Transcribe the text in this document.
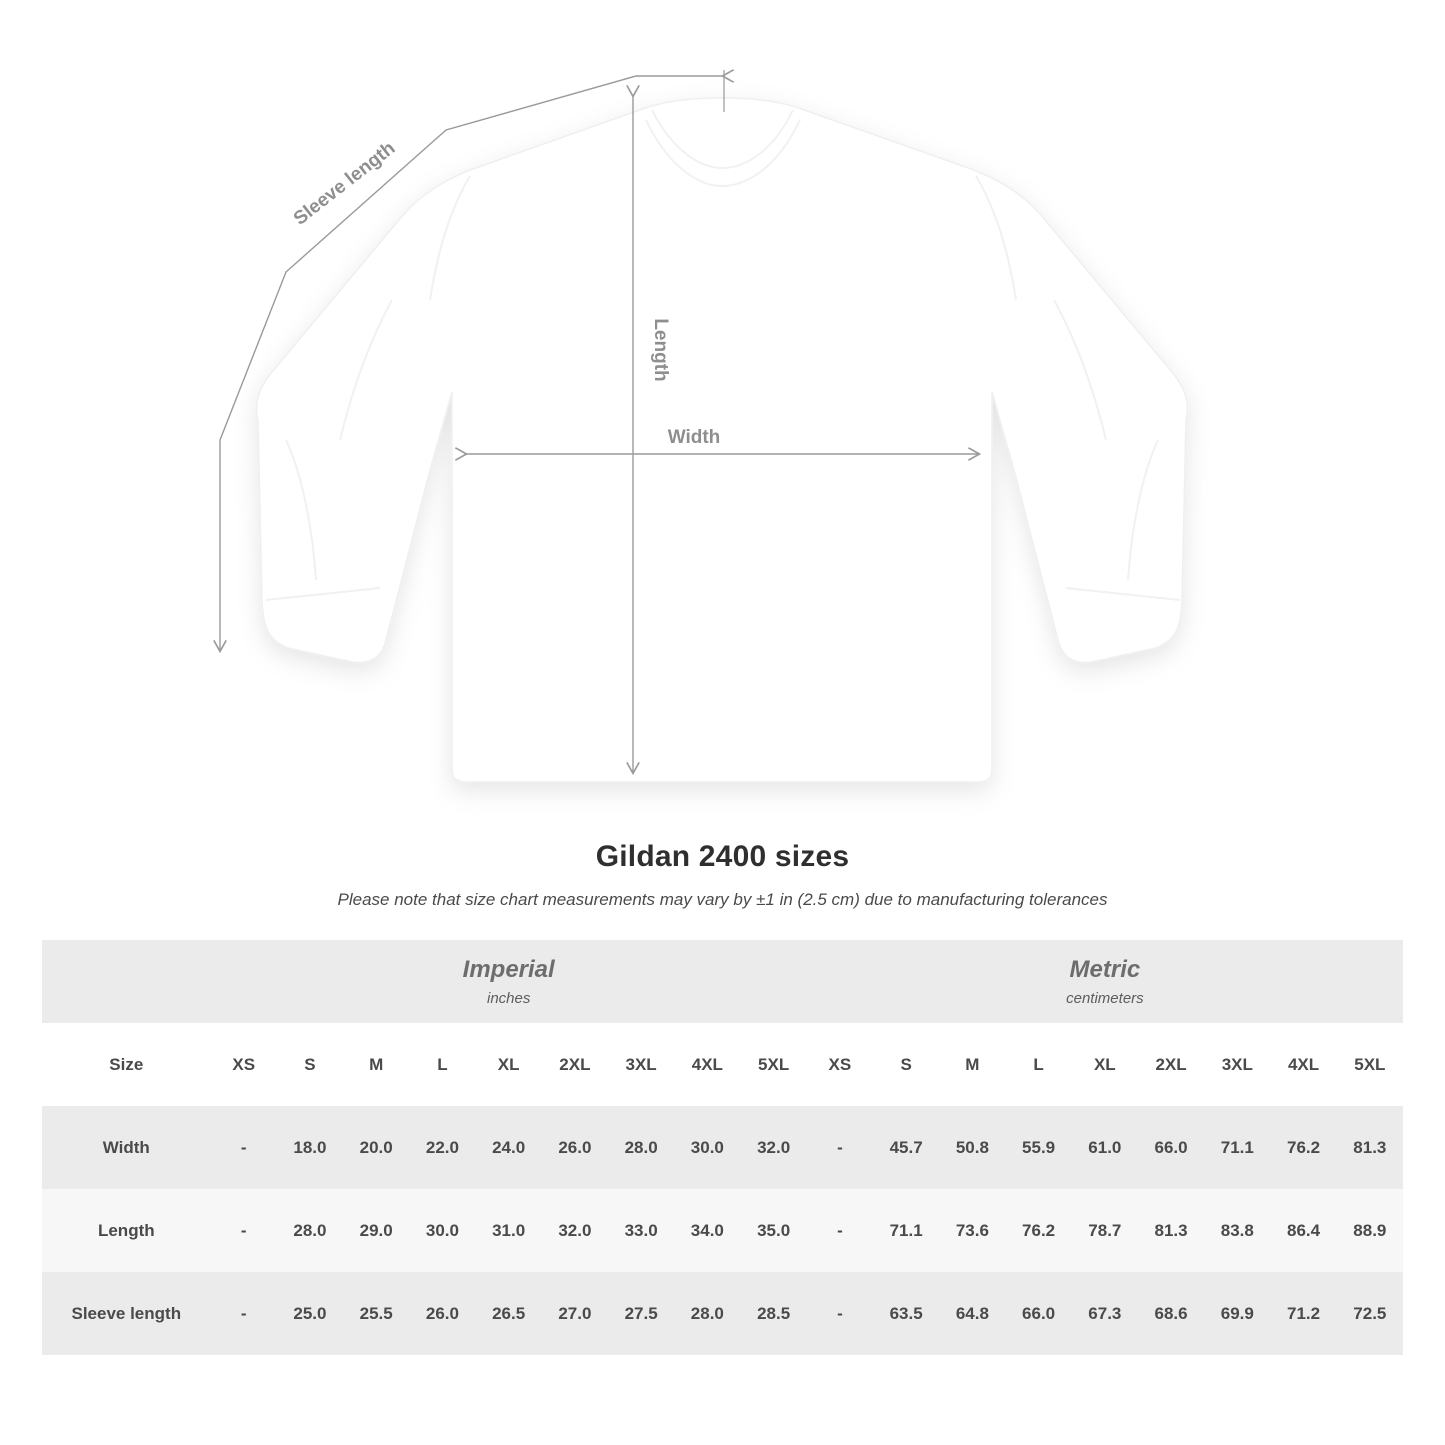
Sleeve length
Length
Width
Gildan 2400 sizes
Please note that size chart measurements may vary by ±1 in (2.5 cm) due to manufacturing tolerances

	Imperial
inches									Metric
centimeters								

Size	XS	S	M	L	XL	2XL	3XL	4XL	5XL	XS	S	M	L	XL	2XL	3XL	4XL	5XL
Width	-	18.0	20.0	22.0	24.0	26.0	28.0	30.0	32.0	-	45.7	50.8	55.9	61.0	66.0	71.1	76.2	81.3
Length	-	28.0	29.0	30.0	31.0	32.0	33.0	34.0	35.0	-	71.1	73.6	76.2	78.7	81.3	83.8	86.4	88.9
Sleeve length	-	25.0	25.5	26.0	26.5	27.0	27.5	28.0	28.5	-	63.5	64.8	66.0	67.3	68.6	69.9	71.2	72.5
